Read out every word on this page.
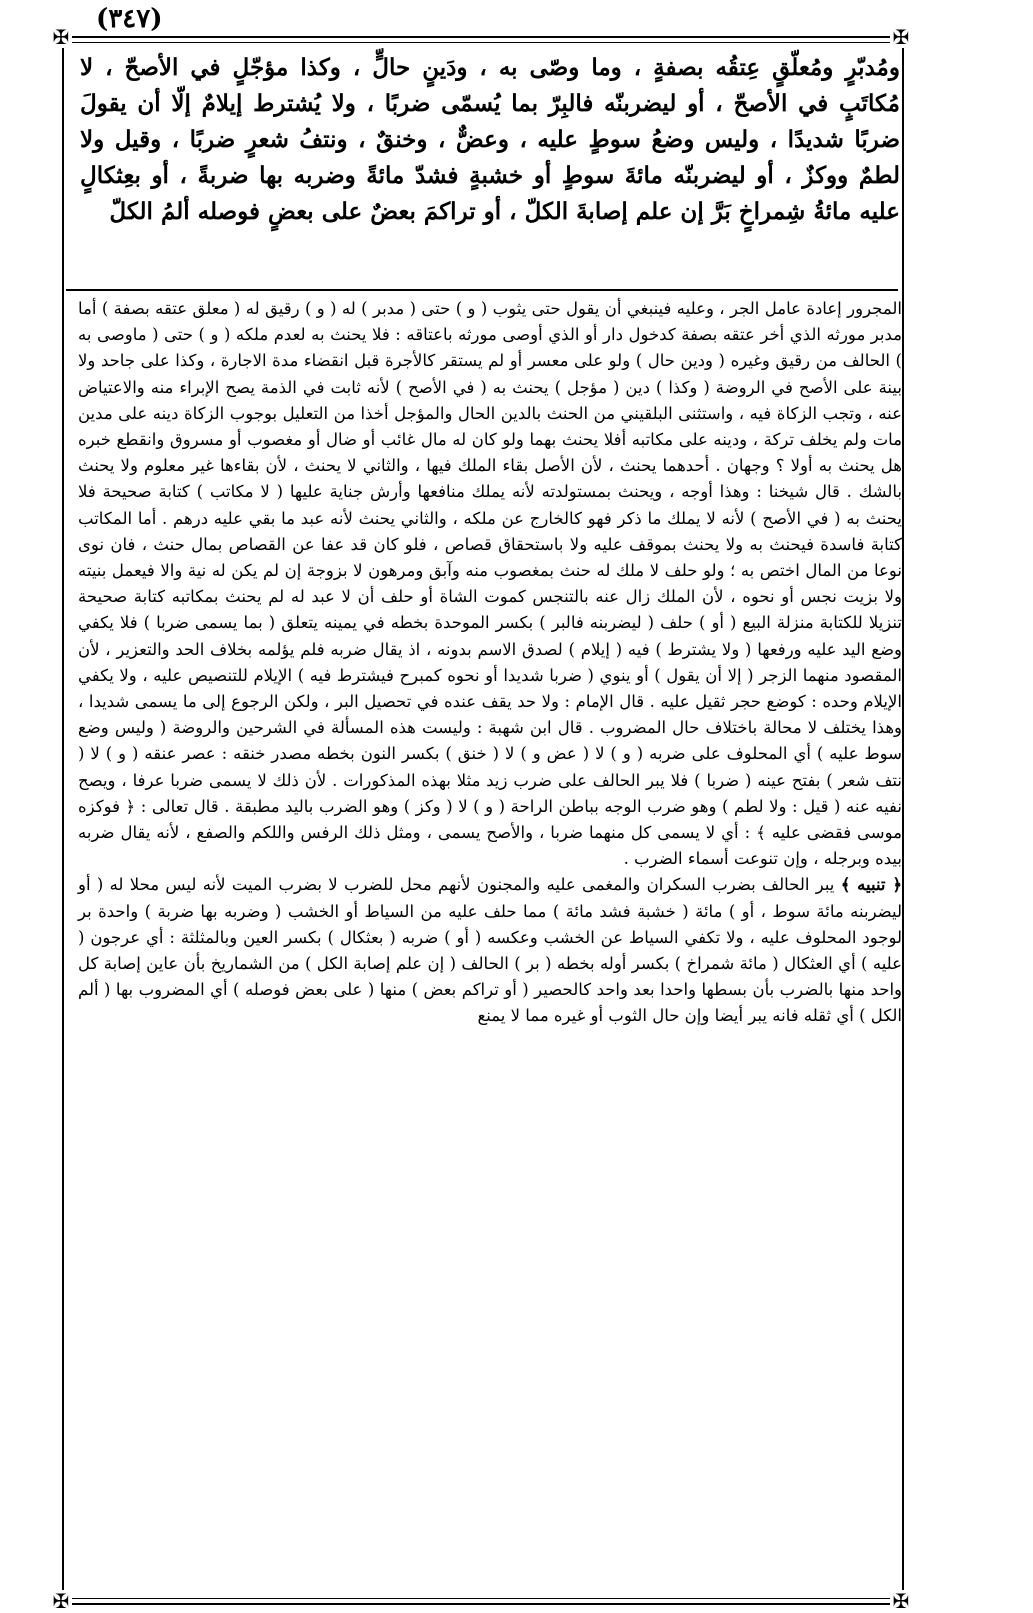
(٣٤٧)
✠	✠
✠	✠

ومُدبّرٍ ومُعلّقٍ عِتقُه بصفةٍ ، وما وصّى به ، ودَينٍ حالٍّ ، وكذا مؤجّلٍ في الأصحّ ، لا مُكاتَبٍ في الأصحّ ، أو ليضربنّه فالبِرّ بما يُسمّى ضربًا ، ولا يُشترط إيلامٌ إلّا أن يقولَ ضربًا شديدًا ، وليس وضعُ سوطٍ عليه ، وعضٌّ ، وخنقٌ ، ونتفُ شعرٍ ضربًا ، وقيل ولا لطمٌ ووكزٌ ، أو ليضربنّه مائةَ سوطٍ أو خشبةٍ فشدّ مائةً وضربه بها ضربةً ، أو بعِثكالٍ عليه مائةُ شِمراخٍ بَرَّ إن علم إصابةَ الكلّ ، أو تراكمَ بعضٌ على بعضٍ فوصله ألمُ الكلّ

المجرور إعادة عامل الجر ، وعليه فينبغي أن يقول حتى يثوب ( و ) حتى ( مدبر ) له ( و ) رقيق له ( معلق عتقه بصفة ) أما مدبر مورثه الذي أخر عتقه بصفة كدخول دار أو الذي أوصى مورثه باعتاقه : فلا يحنث به لعدم ملكه ( و ) حتى ( ماوصى به ) الحالف من رقيق وغيره ( ودين حال ) ولو على معسر أو لم يستقر كالأجرة قبل انقضاء مدة الاجارة ، وكذا على جاحد ولا بينة على الأصح في الروضة ( وكذا ) دين ( مؤجل ) يحنث به ( في الأصح ) لأنه ثابت في الذمة يصح الإبراء منه والاعتياض عنه ، وتجب الزكاة فيه ، واستثنى البلقيني من الحنث بالدين الحال والمؤجل أخذا من التعليل بوجوب الزكاة دينه على مدين مات ولم يخلف تركة ، ودينه على مكاتبه أفلا يحنث بهما ولو كان له مال غائب أو ضال أو مغصوب أو مسروق وانقطع خبره هل يحنث به أولا ؟ وجهان . أحدهما يحنث ، لأن الأصل بقاء الملك فيها ، والثاني لا يحنث ، لأن بقاءها غير معلوم ولا يحنث بالشك . قال شيخنا : وهذا أوجه ، ويحنث بمستولدته لأنه يملك منافعها وأرش جناية عليها ( لا مكاتب ) كتابة صحيحة فلا يحنث به ( في الأصح ) لأنه لا يملك ما ذكر فهو كالخارج عن ملكه ، والثاني يحنث لأنه عبد ما بقي عليه درهم . أما المكاتب كتابة فاسدة فيحنث به ولا يحنث بموقف عليه ولا باستحقاق قصاص ، فلو كان قد عفا عن القصاص بمال حنث ، فان نوى نوعا من المال اختص به ؛ ولو حلف لا ملك له حنث بمغصوب منه وآبق ومرهون لا بزوجة إن لم يكن له نية والا فيعمل بنيته ولا بزيت نجس أو نحوه ، لأن الملك زال عنه بالتنجس كموت الشاة أو حلف أن لا عبد له لم يحنث بمكاتبه كتابة صحيحة تنزيلا للكتابة منزلة البيع ( أو ) حلف ( ليضربنه فالبر ) بكسر الموحدة بخطه في يمينه يتعلق ( بما يسمى ضربا ) فلا يكفي وضع اليد عليه ورفعها ( ولا يشترط ) فيه ( إيلام ) لصدق الاسم بدونه ، اذ يقال ضربه فلم يؤلمه بخلاف الحد والتعزير ، لأن المقصود منهما الزجر ( إلا أن يقول ) أو ينوي ( ضربا شديدا أو نحوه كمبرح فيشترط فيه ) الإيلام للتنصيص عليه ، ولا يكفي الإيلام وحده : كوضع حجر ثقيل عليه . قال الإمام : ولا حد يقف عنده في تحصيل البر ، ولكن الرجوع إلى ما يسمى شديدا ، وهذا يختلف لا محالة باختلاف حال المضروب . قال ابن شهبة : وليست هذه المسألة في الشرحين والروضة ( وليس وضع سوط عليه ) أي المحلوف على ضربه ( و ) لا ( عض و ) لا ( خنق ) بكسر النون بخطه مصدر خنقه : عصر عنقه ( و ) لا ( نتف شعر ) بفتح عينه ( ضربا ) فلا يبر الحالف على ضرب زيد مثلا بهذه المذكورات . لأن ذلك لا يسمى ضربا عرفا ، ويصح نفيه عنه ( قيل : ولا لطم ) وهو ضرب الوجه بباطن الراحة ( و ) لا ( وكز ) وهو الضرب باليد مطبقة . قال تعالى : ﴿ فوكزه موسى فقضى عليه ﴾ : أي لا يسمى كل منهما ضربا ، والأصح يسمى ، ومثل ذلك الرفس واللكم والصفع ، لأنه يقال ضربه بيده وبرجله ، وإن تنوعت أسماء الضرب .

﴿ تنبيه ﴾ يبر الحالف بضرب السكران والمغمى عليه والمجنون لأنهم محل للضرب لا بضرب الميت لأنه ليس محلا له ( أو ليضربنه مائة سوط ، أو ) مائة ( خشبة فشد مائة ) مما حلف عليه من السياط أو الخشب ( وضربه بها ضربة ) واحدة بر لوجود المحلوف عليه ، ولا تكفي السياط عن الخشب وعكسه ( أو ) ضربه ( بعثكال ) بكسر العين وبالمثلثة : أي عرجون ( عليه ) أي العثكال ( مائة شمراخ ) بكسر أوله بخطه ( بر ) الحالف ( إن علم إصابة الكل ) من الشماريخ بأن عاين إصابة كل واحد منها بالضرب بأن بسطها واحدا بعد واحد كالحصير ( أو تراكم بعض ) منها ( على بعض فوصله ) أي المضروب بها ( ألم الكل ) أي ثقله فانه يبر أيضا وإن حال الثوب أو غيره مما لا يمنع
